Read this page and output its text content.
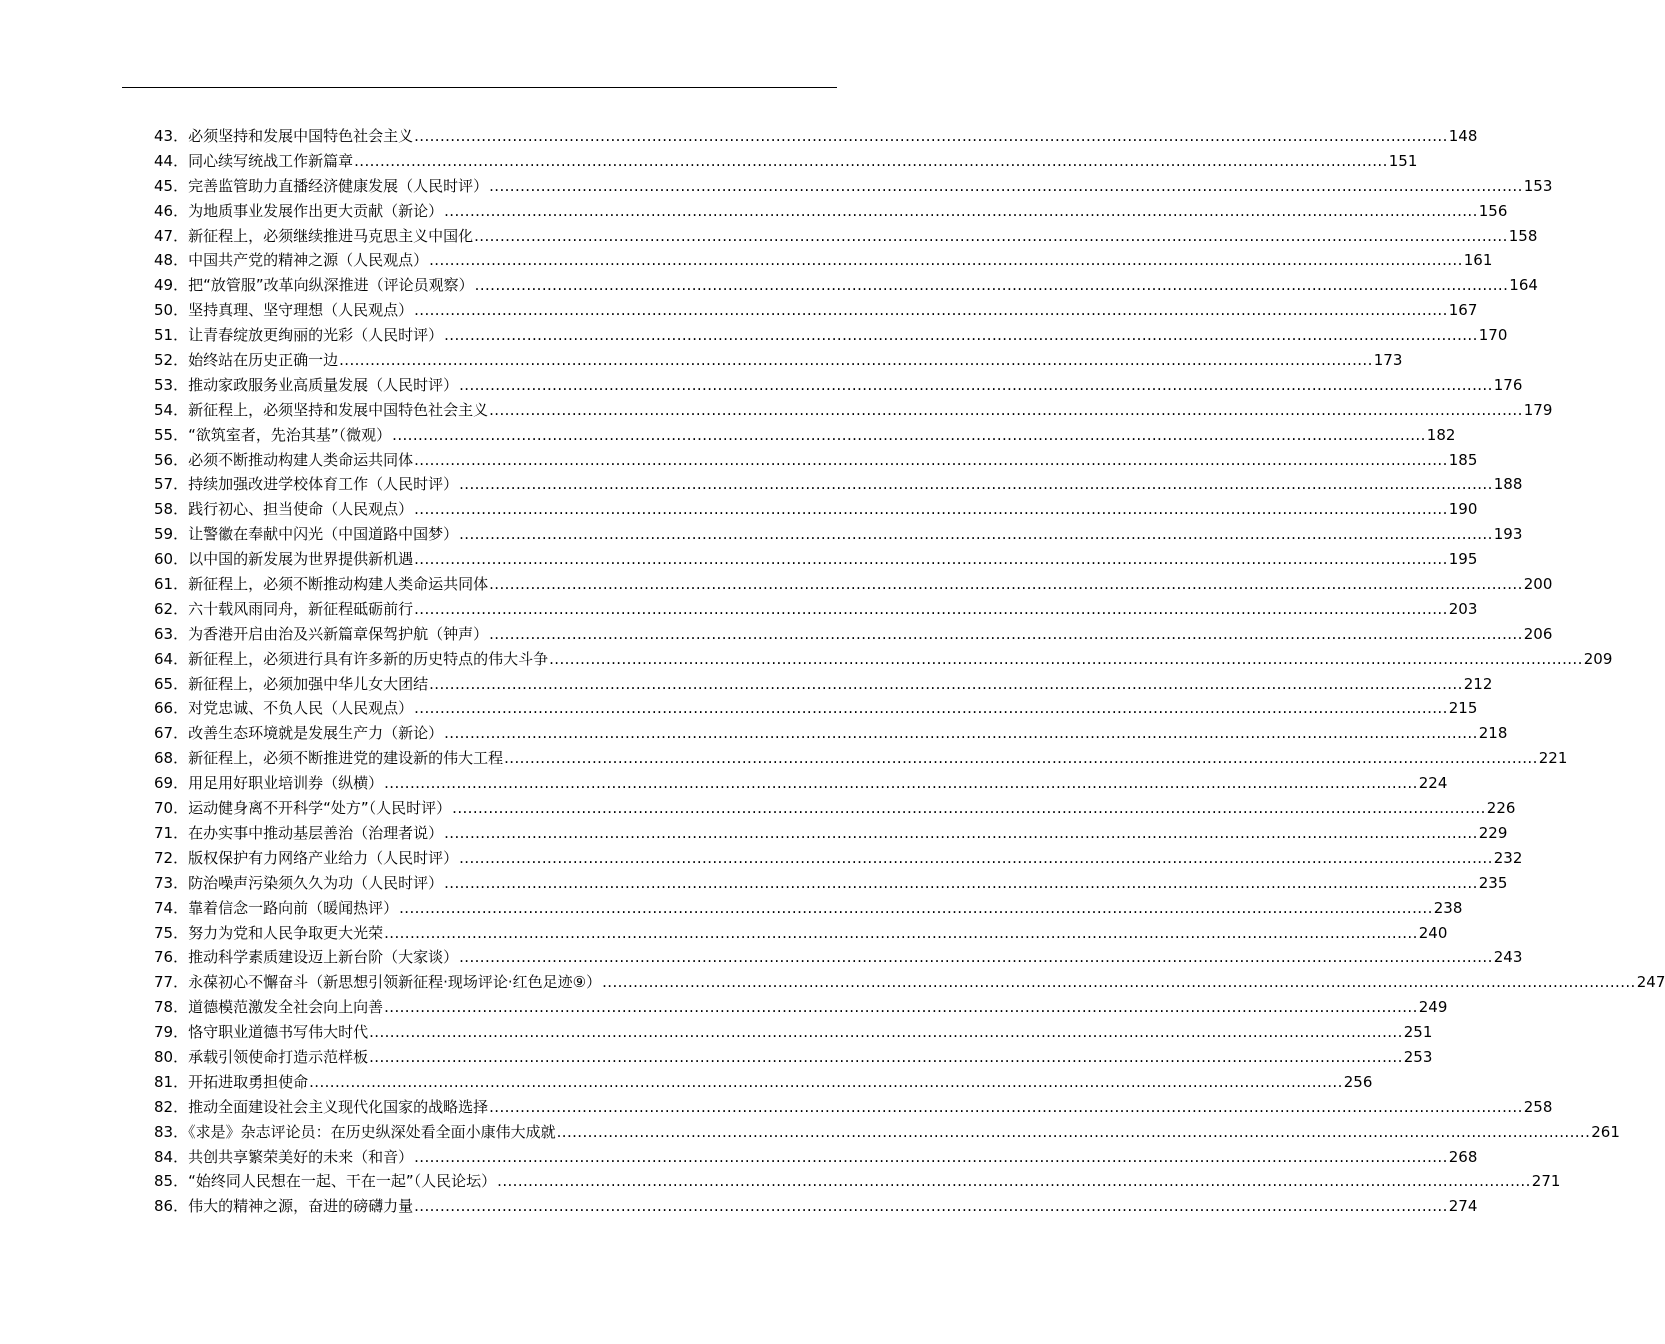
43．必须坚持和发展中国特色社会主义 .....	148
44．同心续写统战工作新篇章 .....	151
45．完善监管助力直播经济健康发展（人民时评） .....	153
46．为地质事业发展作出更大贡献（新论） .....	156
47．新征程上，必须继续推进马克思主义中国化 .....	158
48．中国共产党的精神之源（人民观点） .....	161
49．把“放管服”改革向纵深推进（评论员观察） .....	164
50．坚持真理、坚守理想（人民观点） .....	167
51．让青春绽放更绚丽的光彩（人民时评） .....	170
52．始终站在历史正确一边 .....	173
53．推动家政服务业高质量发展（人民时评） .....	176
54．新征程上，必须坚持和发展中国特色社会主义 .....	179
55．“欲筑室者，先治其基”（微观） .....	182
56．必须不断推动构建人类命运共同体 .....	185
57．持续加强改进学校体育工作（人民时评） .....	188
58．践行初心、担当使命（人民观点） .....	190
59．让警徽在奉献中闪光（中国道路中国梦） .....	193
60．以中国的新发展为世界提供新机遇 .....	195
61．新征程上，必须不断推动构建人类命运共同体 .....	200
62．六十载风雨同舟，新征程砥砺前行 .....	203
63．为香港开启由治及兴新篇章保驾护航（钟声） .....	206
64．新征程上，必须进行具有许多新的历史特点的伟大斗争 .....	209
65．新征程上，必须加强中华儿女大团结 .....	212
66．对党忠诚、不负人民（人民观点） .....	215
67．改善生态环境就是发展生产力（新论） .....	218
68．新征程上，必须不断推进党的建设新的伟大工程 .....	221
69．用足用好职业培训券（纵横） .....	224
70．运动健身离不开科学“处方”（人民时评） .....	226
71．在办实事中推动基层善治（治理者说） .....	229
72．版权保护有力网络产业给力（人民时评） .....	232
73．防治噪声污染须久久为功（人民时评） .....	235
74．靠着信念一路向前（暖闻热评） .....	238
75．努力为党和人民争取更大光荣 .....	240
76．推动科学素质建设迈上新台阶（大家谈） .....	243
77．永葆初心不懈奋斗（新思想引领新征程·现场评论·红色足迹⑨） .....	247
78．道德模范激发全社会向上向善 .....	249
79．恪守职业道德书写伟大时代 .....	251
80．承载引领使命打造示范样板 .....	253
81．开拓进取勇担使命 .....	256
82．推动全面建设社会主义现代化国家的战略选择 .....	258
83．《求是》杂志评论员：在历史纵深处看全面小康伟大成就 .....	261
84．共创共享繁荣美好的未来（和音） .....	268
85．“始终同人民想在一起、干在一起”（人民论坛） .....	271
86．伟大的精神之源，奋进的磅礴力量 .....	274
